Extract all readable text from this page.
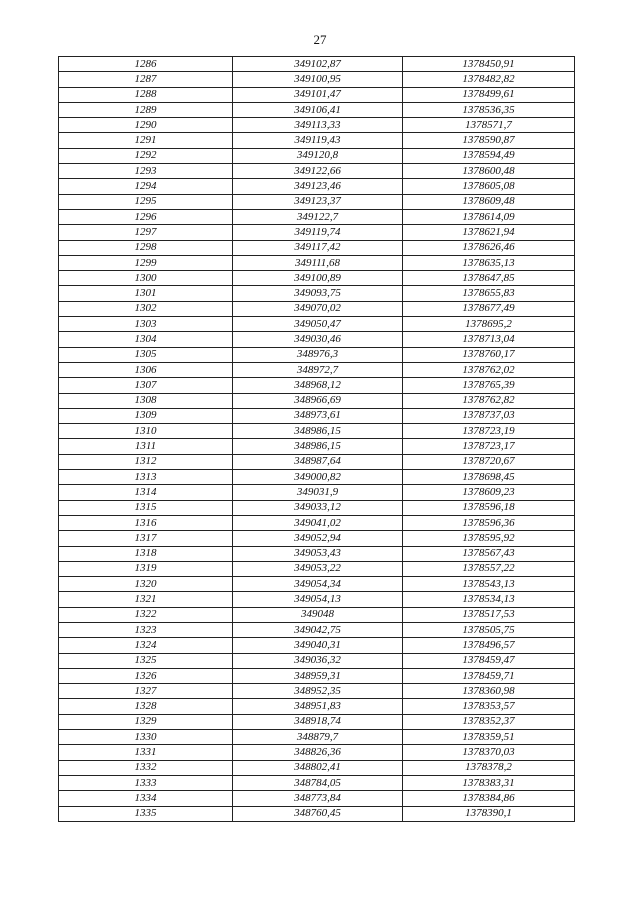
27
1286	349102,87	1378450,91
1287	349100,95	1378482,82
1288	349101,47	1378499,61
1289	349106,41	1378536,35
1290	349113,33	1378571,7
1291	349119,43	1378590,87
1292	349120,8	1378594,49
1293	349122,66	1378600,48
1294	349123,46	1378605,08
1295	349123,37	1378609,48
1296	349122,7	1378614,09
1297	349119,74	1378621,94
1298	349117,42	1378626,46
1299	349111,68	1378635,13
1300	349100,89	1378647,85
1301	349093,75	1378655,83
1302	349070,02	1378677,49
1303	349050,47	1378695,2
1304	349030,46	1378713,04
1305	348976,3	1378760,17
1306	348972,7	1378762,02
1307	348968,12	1378765,39
1308	348966,69	1378762,82
1309	348973,61	1378737,03
1310	348986,15	1378723,19
1311	348986,15	1378723,17
1312	348987,64	1378720,67
1313	349000,82	1378698,45
1314	349031,9	1378609,23
1315	349033,12	1378596,18
1316	349041,02	1378596,36
1317	349052,94	1378595,92
1318	349053,43	1378567,43
1319	349053,22	1378557,22
1320	349054,34	1378543,13
1321	349054,13	1378534,13
1322	349048	1378517,53
1323	349042,75	1378505,75
1324	349040,31	1378496,57
1325	349036,32	1378459,47
1326	348959,31	1378459,71
1327	348952,35	1378360,98
1328	348951,83	1378353,57
1329	348918,74	1378352,37
1330	348879,7	1378359,51
1331	348826,36	1378370,03
1332	348802,41	1378378,2
1333	348784,05	1378383,31
1334	348773,84	1378384,86
1335	348760,45	1378390,1
